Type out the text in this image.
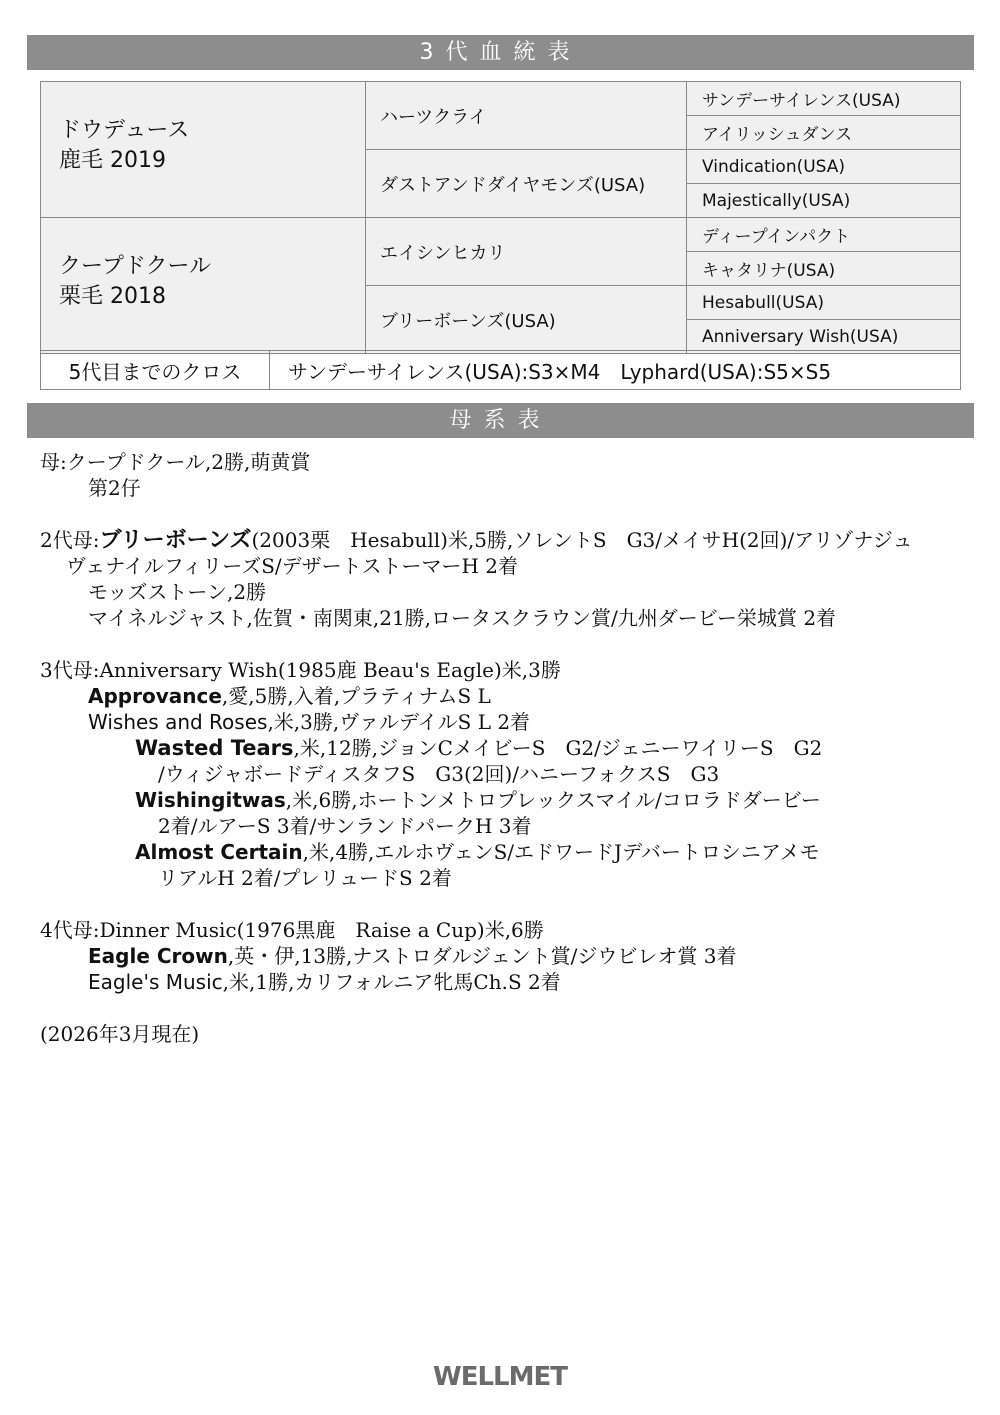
3代血統表
ドウデュース
鹿毛 2019	ハーツクライ	サンデーサイレンス(USA)
		アイリッシュダンス
	ダストアンドダイヤモンズ(USA)	Vindication(USA)
		Majestically(USA)

クープドクール
栗毛 2018	エイシンヒカリ	ディープインパクト
		キャタリナ(USA)
	ブリーボーンズ(USA)	Hesabull(USA)
		Anniversary Wish(USA)
5代目までのクロス	サンデーサイレンス(USA):S3×M4　Lyphard(USA):S5×S5
母系表
母:クープドクール,2勝,萌黄賞
第2仔
2代母:ブリーボーンズ(2003栗　Hesabull)米,5勝,ソレントS　G3/メイサH(2回)/アリゾナジュ
ヴェナイルフィリーズS/デザートストーマーH 2着
モッズストーン,2勝
マイネルジャスト,佐賀・南関東,21勝,ロータスクラウン賞/九州ダービー栄城賞 2着
3代母:Anniversary Wish(1985鹿 Beau's Eagle)米,3勝
Approvance,愛,5勝,入着,プラティナムS L
Wishes and Roses,米,3勝,ヴァルデイルS L 2着
Wasted Tears,米,12勝,ジョンCメイビーS　G2/ジェニーワイリーS　G2
/ウィジャボードディスタフS　G3(2回)/ハニーフォクスS　G3
Wishingitwas,米,6勝,ホートンメトロプレックスマイル/コロラドダービー
2着/ルアーS 3着/サンランドパークH 3着
Almost Certain,米,4勝,エルホヴェンS/エドワードJデバートロシニアメモ
リアルH 2着/プレリュードS 2着
4代母:Dinner Music(1976黒鹿　Raise a Cup)米,6勝
Eagle Crown,英・伊,13勝,ナストロダルジェント賞/ジウビレオ賞 3着
Eagle's Music,米,1勝,カリフォルニア牝馬Ch.S 2着
(2026年3月現在)
WELLMET
